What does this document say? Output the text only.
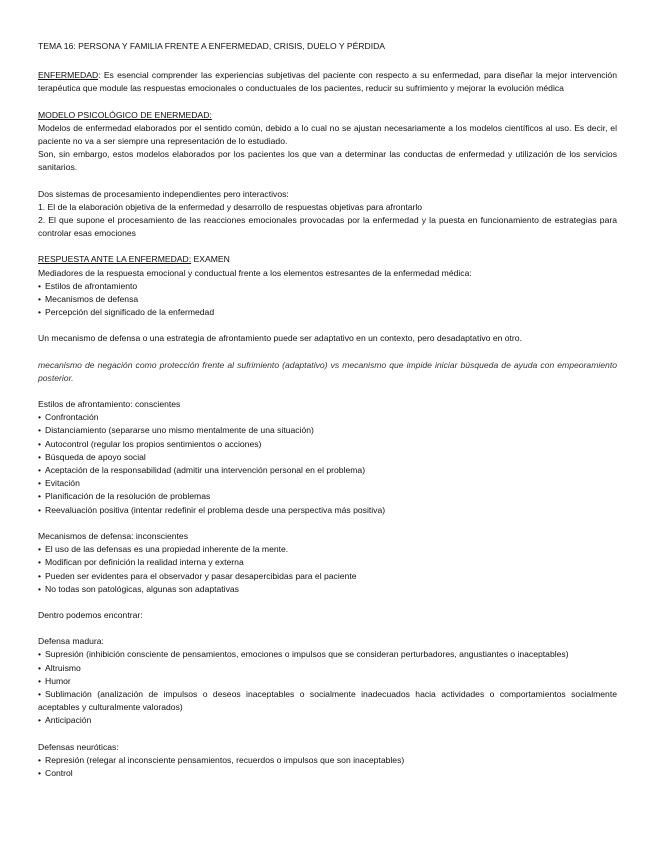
TEMA 16: PERSONA Y FAMILIA FRENTE A ENFERMEDAD, CRISIS, DUELO Y PÉRDIDA

ENFERMEDAD: Es esencial comprender las experiencias subjetivas del paciente con respecto a su enfermedad, para diseñar la mejor intervención terapéutica que module las respuestas emocionales o conductuales de los pacientes, reducir su sufrimiento y mejorar la evolución médica

MODELO PSICOLÓGICO DE ENERMEDAD:

Modelos de enfermedad elaborados por el sentido común, debido a lo cual no se ajustan necesariamente a los modelos científicos al uso. Es decir, el paciente no va a ser siempre una representación de lo estudiado.

Son, sin embargo, estos modelos elaborados por los pacientes los que van a determinar las conductas de enfermedad y utilización de los servicios sanitarios.

Dos sistemas de procesamiento independientes pero interactivos:

1. El de la elaboración objetiva de la enfermedad y desarrollo de respuestas objetivas para afrontarlo

2. El que supone el procesamiento de las reacciones emocionales provocadas por la enfermedad y la puesta en funcionamiento de estrategias para controlar esas emociones

RESPUESTA ANTE LA ENFERMEDAD: EXAMEN

Mediadores de la respuesta emocional y conductual frente a los elementos estresantes de la enfermedad médica:

• Estilos de afrontamiento
• Mecanismos de defensa
• Percepción del significado de la enfermedad

Un mecanismo de defensa o una estrategia de afrontamiento puede ser adaptativo en un contexto, pero desadaptativo en otro.

mecanismo de negación como protección frente al sufrimiento (adaptativo) vs mecanismo que impide iniciar búsqueda de ayuda con empeoramiento posterior.

Estilos de afrontamiento: conscientes

• Confrontación
• Distanciamiento (separarse uno mismo mentalmente de una situación)
• Autocontrol (regular los propios sentimientos o acciones)
• Búsqueda de apoyo social
• Aceptación de la responsabilidad (admitir una intervención personal en el problema)
• Evitación
• Planificación de la resolución de problemas
• Reevaluación positiva (intentar redefinir el problema desde una perspectiva más positiva)

Mecanismos de defensa: inconscientes

• El uso de las defensas es una propiedad inherente de la mente.
• Modifican por definición la realidad interna y externa
• Pueden ser evidentes para el observador y pasar desapercibidas para el paciente
• No todas son patológicas, algunas son adaptativas

Dentro podemos encontrar:

Defensa madura:

• Supresión (inhibición consciente de pensamientos, emociones o impulsos que se consideran perturbadores, angustiantes o inaceptables)
• Altruismo
• Humor
• Sublimación (analización de impulsos o deseos inaceptables o socialmente inadecuados hacia actividades o comportamientos socialmente aceptables y culturalmente valorados)
• Anticipación

Defensas neuróticas:

• Represión (relegar al inconsciente pensamientos, recuerdos o impulsos que son inaceptables)
• Control
